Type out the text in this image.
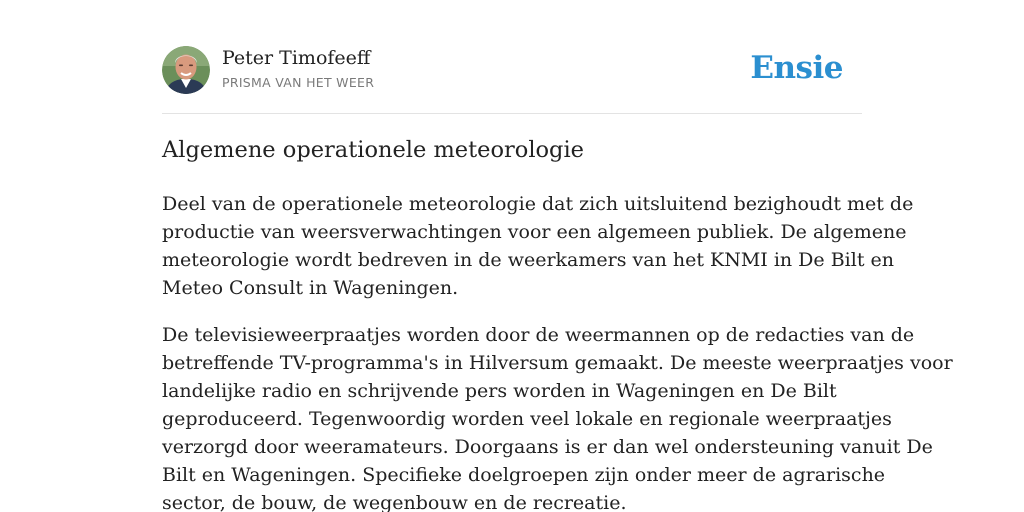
Peter Timofeeff
PRISMA VAN HET WEER	Ensie
Algemene operationele meteorologie

Deel van de operationele meteorologie dat zich uitsluitend bezighoudt met de
productie van weersverwachtingen voor een algemeen publiek. De algemene
meteorologie wordt bedreven in de weerkamers van het KNMI in De Bilt en
Meteo Consult in Wageningen.

De televisieweerpraatjes worden door de weermannen op de redacties van de
betreffende TV-programma's in Hilversum gemaakt. De meeste weerpraatjes voor
landelijke radio en schrijvende pers worden in Wageningen en De Bilt
geproduceerd. Tegenwoordig worden veel lokale en regionale weerpraatjes
verzorgd door weeramateurs. Doorgaans is er dan wel ondersteuning vanuit De
Bilt en Wageningen. Specifieke doelgroepen zijn onder meer de agrarische
sector, de bouw, de wegenbouw en de recreatie.
